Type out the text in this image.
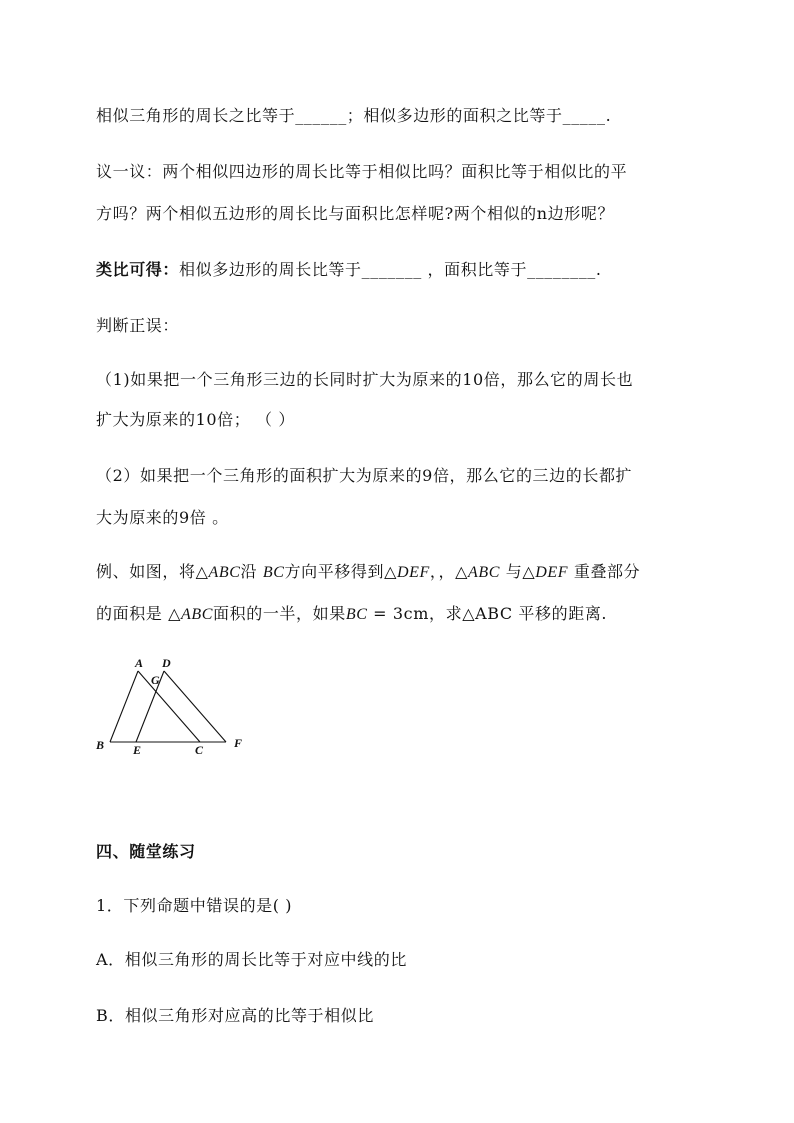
相似三角形的周长之比等于______；相似多边形的面积之比等于_____.
议一议：两个相似四边形的周长比等于相似比吗？面积比等于相似比的平
方吗？两个相似五边形的周长比与面积比怎样呢?两个相似的n边形呢？
类比可得：相似多边形的周长比等于_______ ，面积比等于________.
判断正误：
（1)如果把一个三角形三边的长同时扩大为原来的10倍，那么它的周长也
扩大为原来的10倍； （ ）
（2）如果把一个三角形的面积扩大为原来的9倍，那么它的三边的长都扩
大为原来的9倍 。
例、如图，将△ABC沿 BC方向平移得到△DEF，，△ABC 与△DEF 重叠部分
的面积是 △ABC面积的一半，如果BC = 3cm，求△ABC 平移的距离.
A D
G
B E	C	F
四、随堂练习
1．下列命题中错误的是( )
A．相似三角形的周长比等于对应中线的比
B．相似三角形对应高的比等于相似比
